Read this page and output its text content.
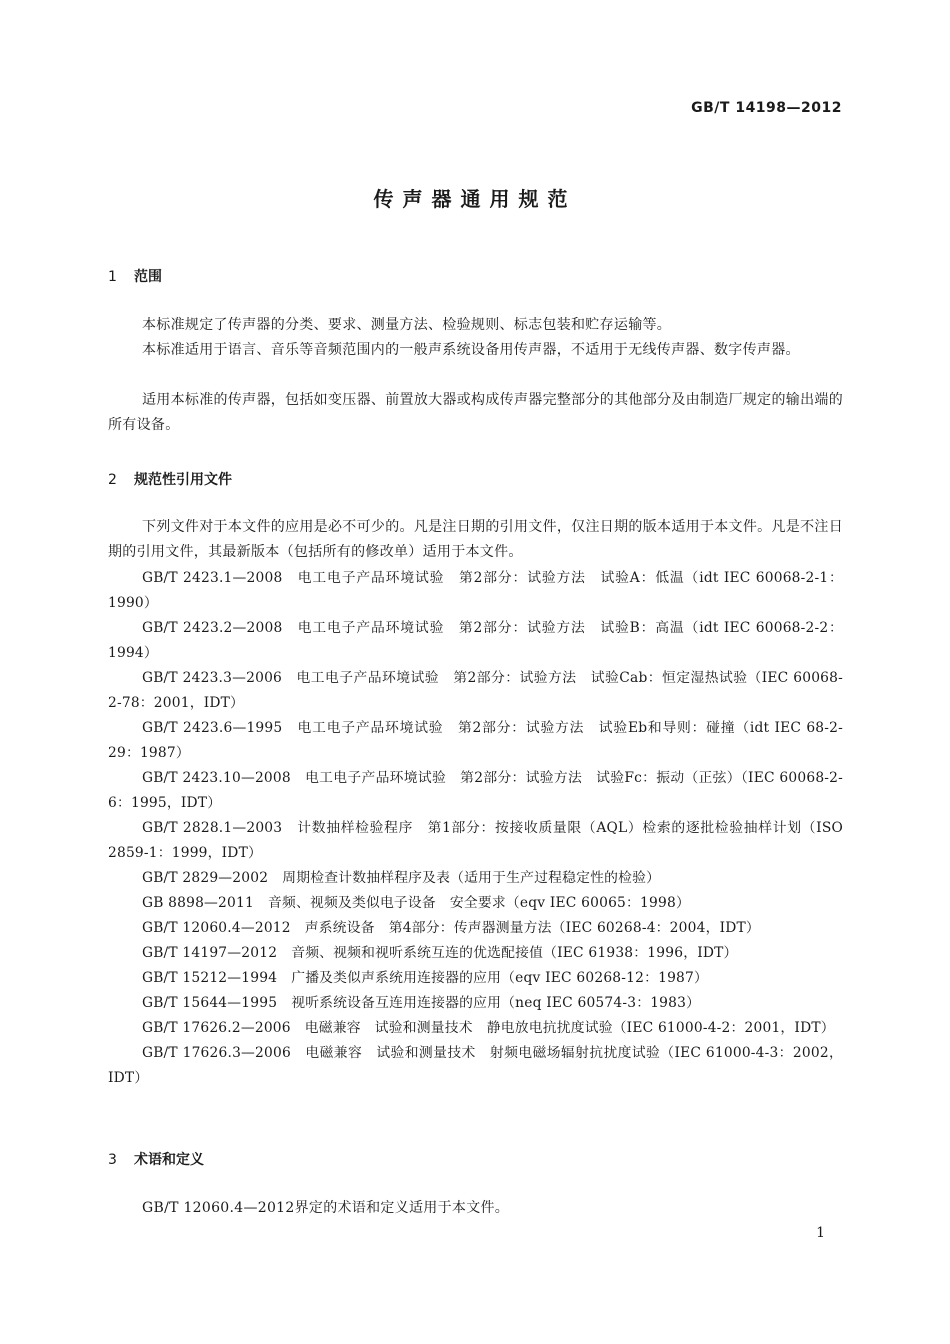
GB/T 14198—2012
传声器通用规范
1 范围

本标准规定了传声器的分类、要求、测量方法、检验规则、标志包装和贮存运输等。

本标准适用于语言、音乐等音频范围内的一般声系统设备用传声器，不适用于无线传声器、数字传声器。

适用本标准的传声器，包括如变压器、前置放大器或构成传声器完整部分的其他部分及由制造厂规定的输出端的所有设备。

2 规范性引用文件

下列文件对于本文件的应用是必不可少的。凡是注日期的引用文件，仅注日期的版本适用于本文件。凡是不注日期的引用文件，其最新版本（包括所有的修改单）适用于本文件。

GB/T 2423.1—2008　电工电子产品环境试验　第2部分：试验方法　试验A：低温（idt IEC 60068-2-1：1990）
GB/T 2423.2—2008　电工电子产品环境试验　第2部分：试验方法　试验B：高温（idt IEC 60068-2-2：1994）
GB/T 2423.3—2006　电工电子产品环境试验　第2部分：试验方法　试验Cab：恒定湿热试验（IEC 60068-2-78：2001，IDT）
GB/T 2423.6—1995　电工电子产品环境试验　第2部分：试验方法　试验Eb和导则：碰撞（idt IEC 68-2-29：1987）
GB/T 2423.10—2008　电工电子产品环境试验　第2部分：试验方法　试验Fc：振动（正弦）（IEC 60068-2-6：1995，IDT）
GB/T 2828.1—2003　计数抽样检验程序　第1部分：按接收质量限（AQL）检索的逐批检验抽样计划（ISO 2859-1：1999，IDT）
GB/T 2829—2002　周期检查计数抽样程序及表（适用于生产过程稳定性的检验）
GB 8898—2011　音频、视频及类似电子设备　安全要求（eqv IEC 60065：1998）
GB/T 12060.4—2012　声系统设备　第4部分：传声器测量方法（IEC 60268-4：2004，IDT）
GB/T 14197—2012　音频、视频和视听系统互连的优选配接值（IEC 61938：1996，IDT）
GB/T 15212—1994　广播及类似声系统用连接器的应用（eqv IEC 60268-12：1987）
GB/T 15644—1995　视听系统设备互连用连接器的应用（neq IEC 60574-3：1983）
GB/T 17626.2—2006　电磁兼容　试验和测量技术　静电放电抗扰度试验（IEC 61000-4-2：2001，IDT）
GB/T 17626.3—2006　电磁兼容　试验和测量技术　射频电磁场辐射抗扰度试验（IEC 61000-4-3：2002，IDT）
3 术语和定义

GB/T 12060.4—2012界定的术语和定义适用于本文件。

1
